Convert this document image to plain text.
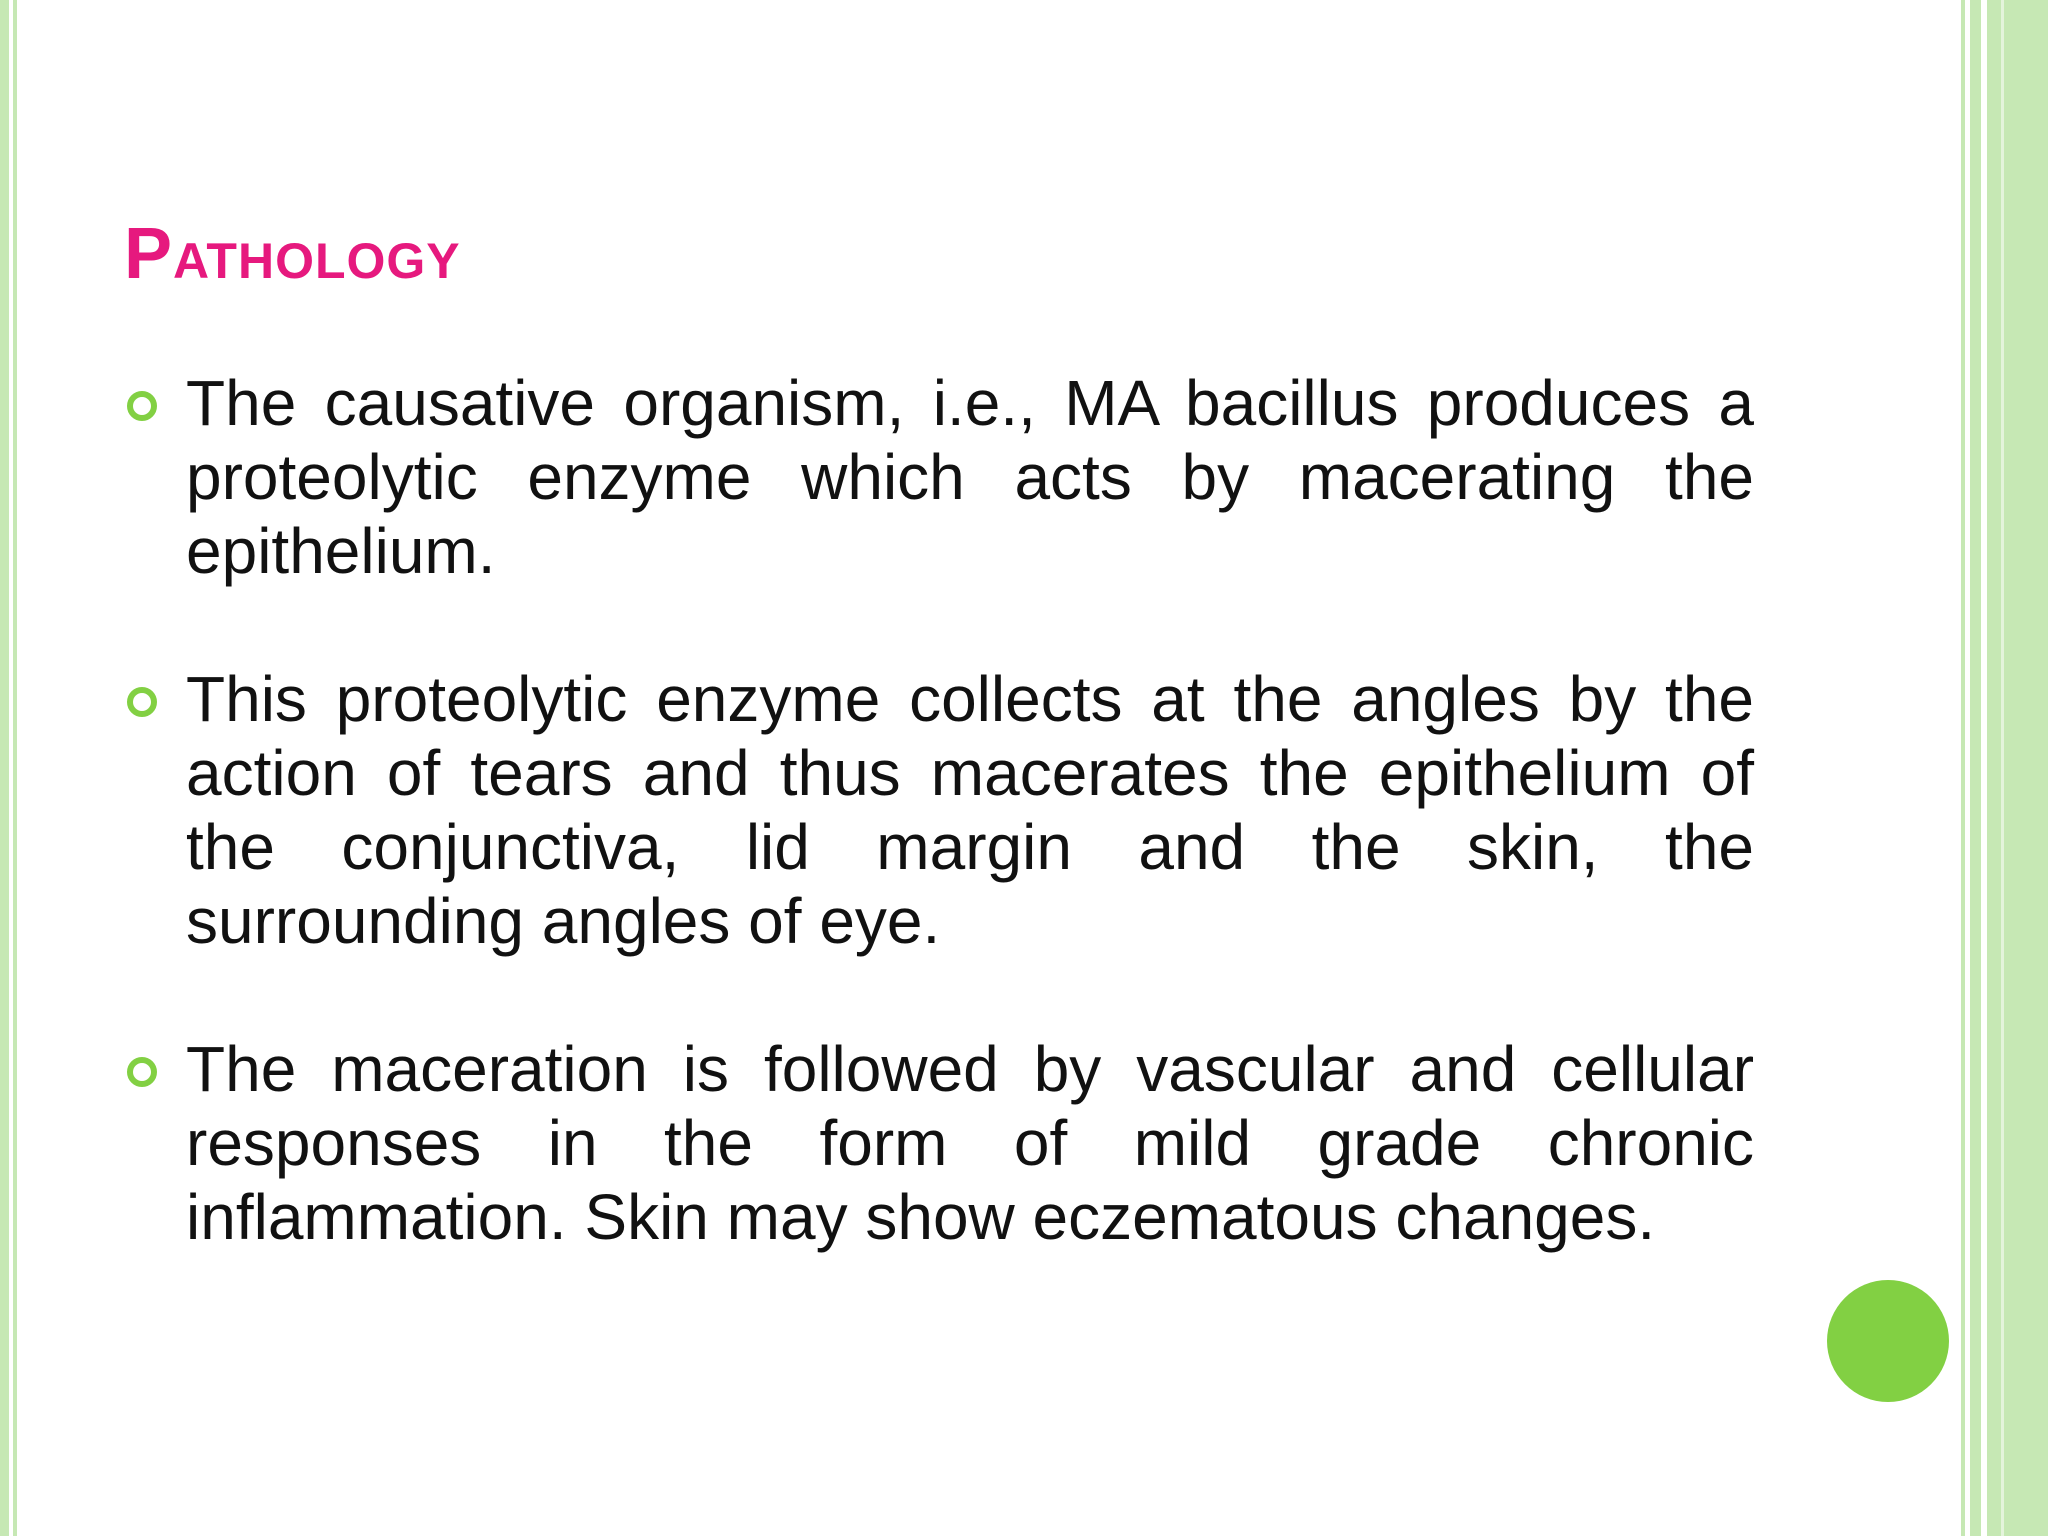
Pathology
The causative organism, i.e., MA bacillus produces a proteolytic enzyme which acts by macerating the epithelium.
This proteolytic enzyme collects at the angles by the action of tears and thus macerates the epithelium of the conjunctiva, lid margin and the skin, the surrounding angles of eye.
The maceration is followed by vascular and cellular responses in the form of mild grade chronic inflammation. Skin may show eczematous changes.
